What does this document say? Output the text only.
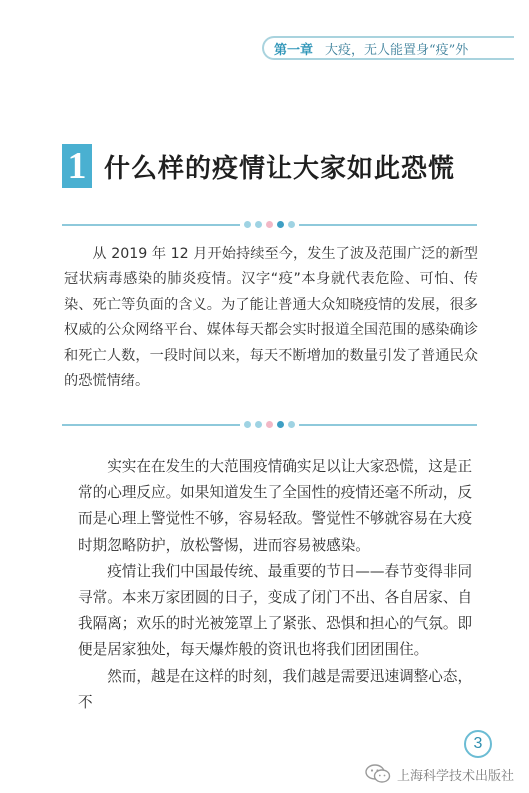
第一章 大疫，无人能置身“疫”外
1 什么样的疫情让大家如此恐慌

从 2019 年 12 月开始持续至今，发生了波及范围广泛的新型冠状病毒感染的肺炎疫情。汉字“疫”本身就代表危险、可怕、传染、死亡等负面的含义。为了能让普通大众知晓疫情的发展，很多权威的公众网络平台、媒体每天都会实时报道全国范围的感染确诊和死亡人数，一段时间以来，每天不断增加的数量引发了普通民众的恐慌情绪。

实实在在发生的大范围疫情确实足以让大家恐慌，这是正常的心理反应。如果知道发生了全国性的疫情还毫不所动，反而是心理上警觉性不够，容易轻敌。警觉性不够就容易在大疫时期忽略防护，放松警惕，进而容易被感染。

疫情让我们中国最传统、最重要的节日——春节变得非同寻常。本来万家团圆的日子，变成了闭门不出、各自居家、自我隔离；欢乐的时光被笼罩上了紧张、恐惧和担心的气氛。即便是居家独处，每天爆炸般的资讯也将我们团团围住。

然而，越是在这样的时刻，我们越是需要迅速调整心态，不

3
上海科学技术出版社
